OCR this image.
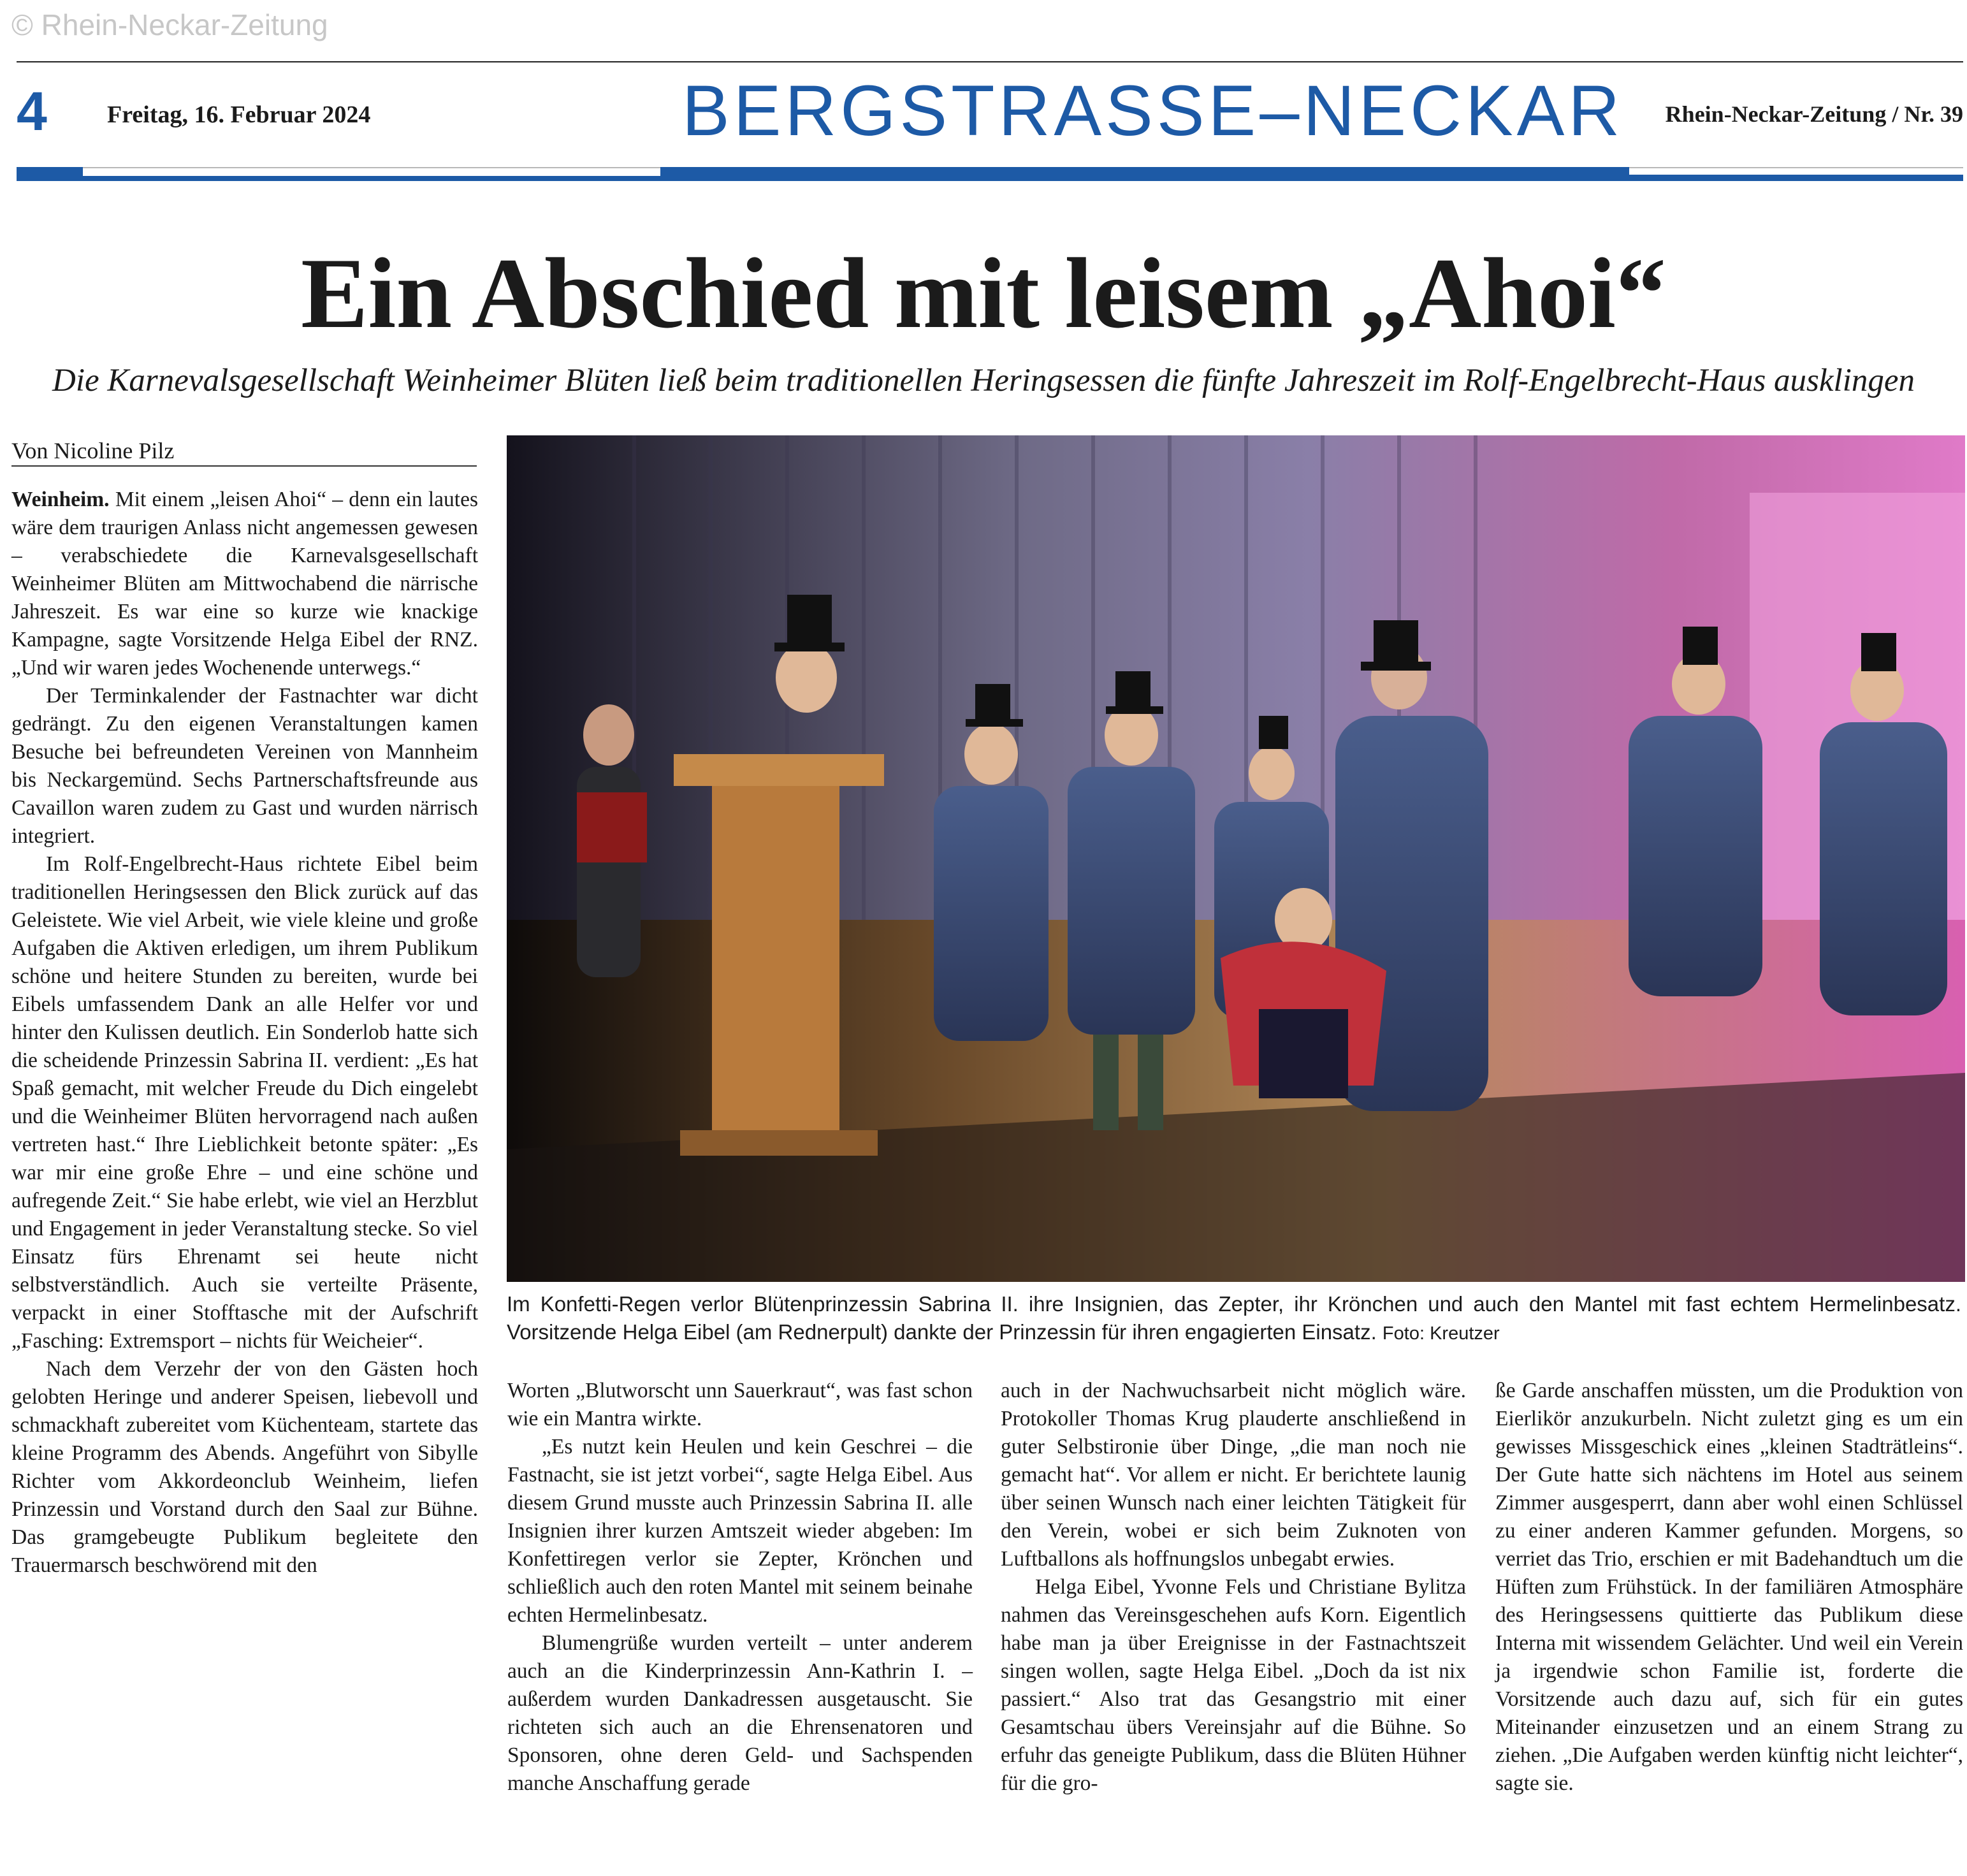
© Rhein-Neckar-Zeitung
4 Freitag, 16. Februar 2024	BERGSTRASSE–NECKAR Rhein-Neckar-Zeitung / Nr. 39
Ein Abschied mit leisem „Ahoi“
Die Karnevalsgesellschaft Weinheimer Blüten ließ beim traditionellen Heringsessen die fünfte Jahreszeit im Rolf-Engelbrecht-Haus ausklingen
Von Nicoline Pilz

Weinheim. Mit einem „leisen Ahoi“ – denn ein lautes wäre dem traurigen Anlass nicht angemessen gewesen – verabschiedete die Karnevalsgesellschaft Weinheimer Blüten am Mittwochabend die närrische Jahreszeit. Es war eine so kurze wie knackige Kampagne, sagte Vorsitzende Helga Eibel der RNZ. „Und wir waren jedes Wochenende unterwegs.“

Der Terminkalender der Fastnachter war dicht gedrängt. Zu den eigenen Veranstaltungen kamen Besuche bei befreundeten Vereinen von Mannheim bis Neckargemünd. Sechs Partnerschaftsfreunde aus Cavaillon waren zudem zu Gast und wurden närrisch integriert.

Im Rolf-Engelbrecht-Haus richtete Eibel beim traditionellen Heringsessen den Blick zurück auf das Geleistete. Wie viel Arbeit, wie viele kleine und große Aufgaben die Aktiven erledigen, um ihrem Publikum schöne und heitere Stunden zu bereiten, wurde bei Eibels umfassendem Dank an alle Helfer vor und hinter den Kulissen deutlich. Ein Sonderlob hatte sich die scheidende Prinzessin Sabrina II. verdient: „Es hat Spaß gemacht, mit welcher Freude du Dich eingelebt und die Weinheimer Blüten hervorragend nach außen vertreten hast.“ Ihre Lieblichkeit betonte später: „Es war mir eine große Ehre – und eine schöne und aufregende Zeit.“ Sie habe erlebt, wie viel an Herzblut und Engagement in jeder Veranstaltung stecke. So viel Einsatz fürs Ehrenamt sei heute nicht selbstverständlich. Auch sie verteilte Präsente, verpackt in einer Stofftasche mit der Aufschrift „Fasching: Extremsport – nichts für Weicheier“.

Nach dem Verzehr der von den Gästen hoch gelobten Heringe und anderer Speisen, liebevoll und schmackhaft zubereitet vom Küchenteam, startete das kleine Programm des Abends. Angeführt von Sibylle Richter vom Akkordeonclub Weinheim, liefen Prinzessin und Vorstand durch den Saal zur Bühne. Das gramgebeugte Publikum begleitete den Trauermarsch beschwörend mit den

Im Konfetti-Regen verlor Blütenprinzessin Sabrina II. ihre Insignien, das Zepter, ihr Krönchen und auch den Mantel mit fast echtem Hermelinbesatz. Vorsitzende Helga Eibel (am Rednerpult) dankte der Prinzessin für ihren engagierten Einsatz. Foto: Kreutzer

Worten „Blutworscht unn Sauerkraut“, was fast schon wie ein Mantra wirkte.

„Es nutzt kein Heulen und kein Geschrei – die Fastnacht, sie ist jetzt vorbei“, sagte Helga Eibel. Aus diesem Grund musste auch Prinzessin Sabrina II. alle Insignien ihrer kurzen Amtszeit wieder abgeben: Im Konfettiregen verlor sie Zepter, Krönchen und schließlich auch den roten Mantel mit seinem beinahe echten Hermelinbesatz.

Blumengrüße wurden verteilt – unter anderem auch an die Kinderprinzessin Ann-Kathrin I. – außerdem wurden Dankadressen ausgetauscht. Sie richteten sich auch an die Ehrensenatoren und Sponsoren, ohne deren Geld- und Sachspenden manche Anschaffung gerade

auch in der Nachwuchsarbeit nicht möglich wäre. Protokoller Thomas Krug plauderte anschließend in guter Selbstironie über Dinge, „die man noch nie gemacht hat“. Vor allem er nicht. Er berichtete launig über seinen Wunsch nach einer leichten Tätigkeit für den Verein, wobei er sich beim Zuknoten von Luftballons als hoffnungslos unbegabt erwies.

Helga Eibel, Yvonne Fels und Christiane Bylitza nahmen das Vereinsgeschehen aufs Korn. Eigentlich habe man ja über Ereignisse in der Fastnachtszeit singen wollen, sagte Helga Eibel. „Doch da ist nix passiert.“ Also trat das Gesangstrio mit einer Gesamtschau übers Vereinsjahr auf die Bühne. So erfuhr das geneigte Publikum, dass die Blüten Hühner für die gro-

ße Garde anschaffen müssten, um die Produktion von Eierlikör anzukurbeln. Nicht zuletzt ging es um ein gewisses Missgeschick eines „kleinen Stadträtleins“. Der Gute hatte sich nächtens im Hotel aus seinem Zimmer ausgesperrt, dann aber wohl einen Schlüssel zu einer anderen Kammer gefunden. Morgens, so verriet das Trio, erschien er mit Badehandtuch um die Hüften zum Frühstück. In der familiären Atmosphäre des Heringsessens quittierte das Publikum diese Interna mit wissendem Gelächter. Und weil ein Verein ja irgendwie schon Familie ist, forderte die Vorsitzende auch dazu auf, sich für ein gutes Miteinander einzusetzen und an einem Strang zu ziehen. „Die Aufgaben werden künftig nicht leichter“, sagte sie.
